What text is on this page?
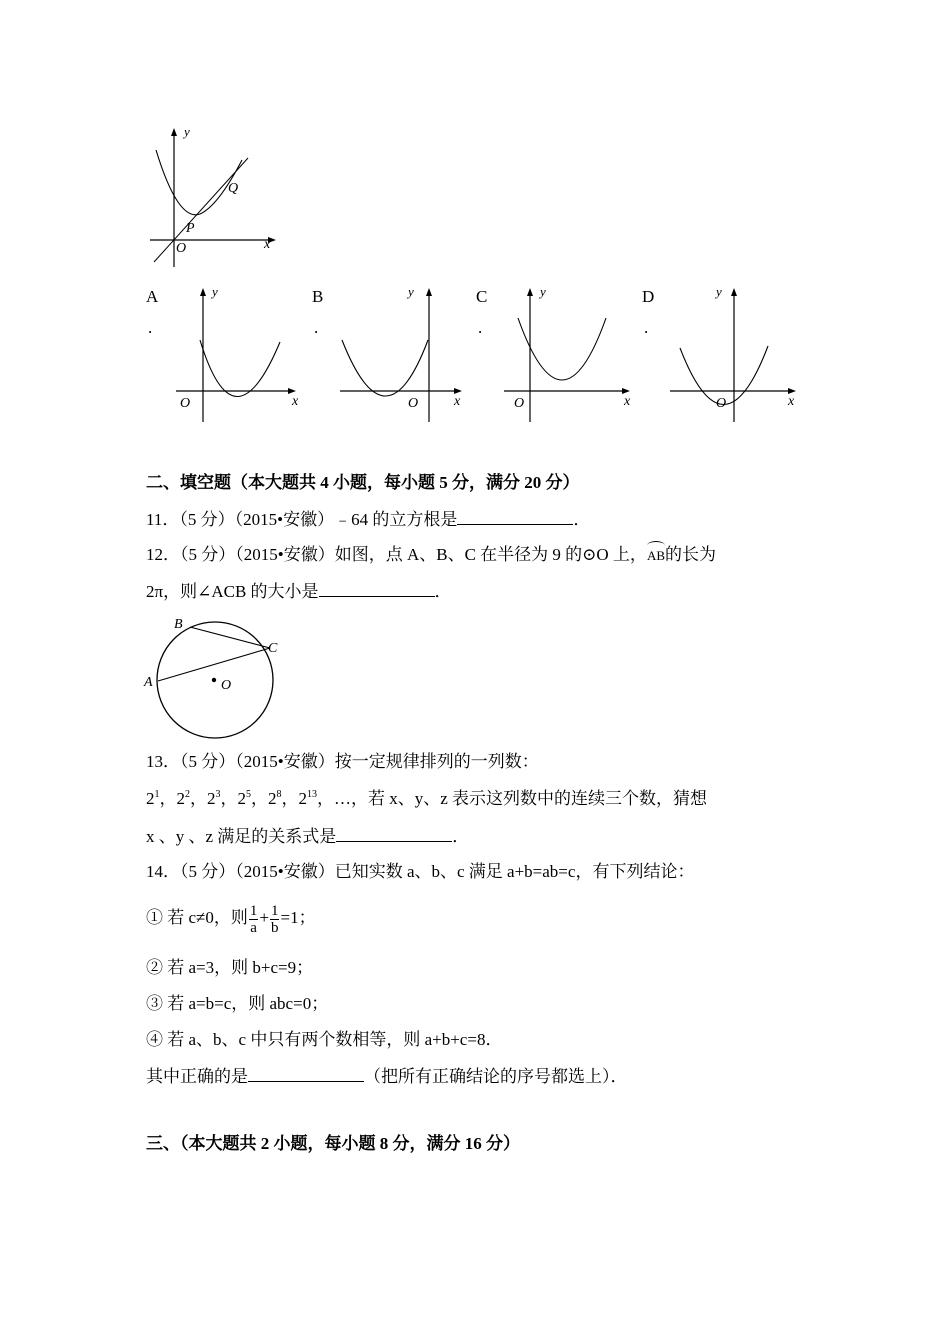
y
x
O
P
Q
A
.
y
x
O
B
.
y
x
O
C
.
y
x
O
D
.
y
x
O
二、填空题（本大题共 4 小题，每小题 5 分，满分 20 分）
11．（5 分）（2015•安徽）﹣64 的立方根是	．
12．（5 分）（2015•安徽）如图，点 A、B、C 在半径为 9 的⊙O 上，AB的长为
2π，则∠ACB 的大小是	．
A
B
C
O
13．（5 分）（2015•安徽）按一定规律排列的一列数：
$2^1$，$2^2$，$2^3$，$2^5$，$2^8$，$2^{13}$，…，若 x、y、z 表示这列数中的连续三个数，猜想
x 、y 、z 满足的关系式是	．
14．（5 分）（2015•安徽）已知实数 a、b、c 满足 a+b=ab=c，有下列结论：
① 若 c≠0，则 $\frac{1}{a} + \frac{1}{b} =1$；
② 若 a=3，则 b+c=9；
③ 若 a=b=c，则 abc=0；
④ 若 a、b、c 中只有两个数相等，则 a+b+c=8．
其中正确的是	（把所有正确结论的序号都选上）．
三、（本大题共 2 小题，每小题 8 分，满分 16 分）
